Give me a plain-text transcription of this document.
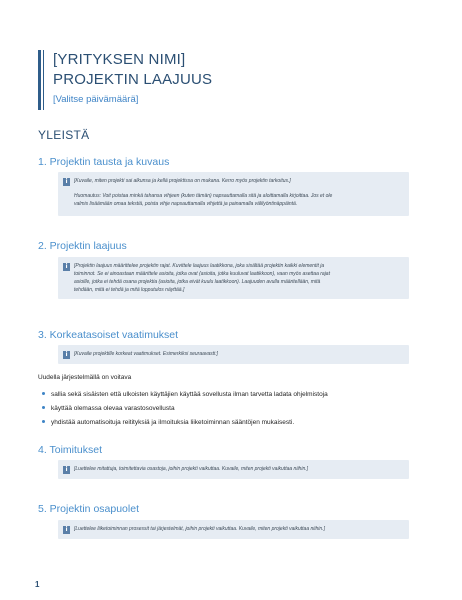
[YRITYKSEN NIMI]
PROJEKTIN LAAJUUS
[Valitse päivämäärä]
YLEISTÄ
1. Projektin tausta ja kuvaus
i	[Kuvaile, miten projekti sai alkunsa ja kellä projektissa on mukana. Kerro myös projektin tarkoitus.]
Huomautus: Voit poistaa minkä tahansa vihjeen (kuten tämän) napsauttamalla sitä ja aloittamalla kirjoittaa. Jos et ole
valmis lisäämään omaa tekstiä, poista vihje napsauttamalla vihjettä ja painamalla välilyöntinäppäintä.
2. Projektin laajuus
i	[Projektin laajuus määrittelee projektin rajat. Kuvittele laajuus laatikkona, joka sisältää projektin kaikki elementit ja
toiminnot. Se ei ainoastaan määrittele asioita, jotka ovat (asioita, jotka kuuluvat laatikkoon), vaan myös asettaa rajat
asioille, jotka ei tehdä osana projektia (asioita, jotka eivät kuulu laatikkoon). Laajuuden avulla määritellään, mitä
tehdään, mitä ei tehdä ja mitä lopputulos näyttää.]
3. Korkeatasoiset vaatimukset
i	[Kuvaile projektille korkeat vaatimukset. Esimerkiksi seuraavasti:]
Uudella järjestelmällä on voitava
sallia sekä sisäisten että ulkoisten käyttäjien käyttää sovellusta ilman tarvetta ladata ohjelmistoja
käyttää olemassa olevaa varastosovellusta
yhdistää automatisoituja reitityksiä ja ilmoituksia liiketoiminnan sääntöjen mukaisesti.
4. Toimitukset
i	[Luettelee mitattuja, toimitettavia osastoja, joihin projekti vaikuttaa. Kuvaile, miten projekti vaikuttaa niihin.]
5. Projektin osapuolet
i	[Luettelee liiketoiminnan prosessit tai järjestelmät, joihin projekti vaikuttaa. Kuvaile, miten projekti vaikuttaa niihin.]
1
